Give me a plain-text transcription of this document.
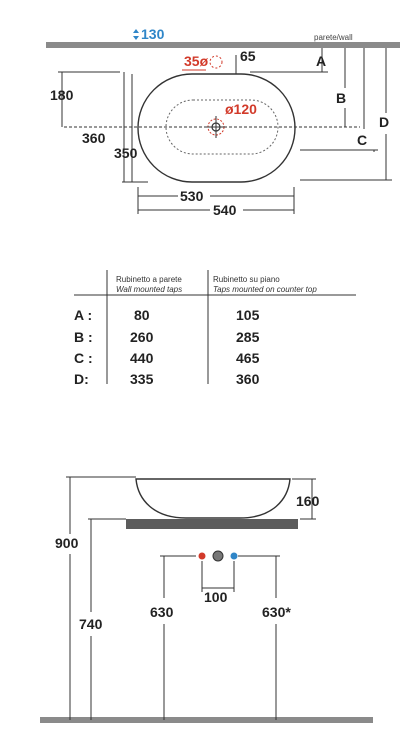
parete/wall
130
35ø 65
ø120
180
360
350
530
540
A
B
C
D
Rubinetto a parete
Wall mounted taps
Rubinetto su piano
Taps mounted on counter top
A :	80	105
B :	260	285
C :	440	465
D:	335	360
160
900
740
630	630*
100
